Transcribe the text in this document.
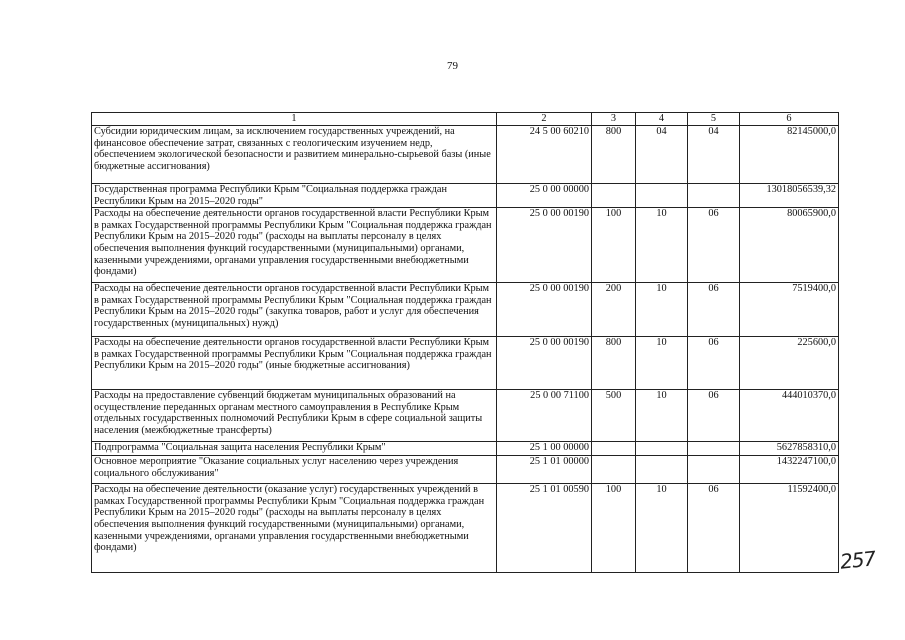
79
1	2	3	4	5	6
Субсидии юридическим лицам, за исключением государственных учреждений, на финансовое обеспечение затрат, связанных с геологическим изучением недр, обеспечением экологической безопасности и развитием минерально-сырьевой базы (иные бюджетные ассигнования)	24 5 00 60210	800	04	04	82145000,0
Государственная программа Республики Крым "Социальная поддержка граждан Республики Крым на 2015–2020 годы"	25 0 00 00000				13018056539,32
Расходы на обеспечение деятельности органов государственной власти Республики Крым в рамках Государственной программы Республики Крым "Социальная поддержка граждан Республики Крым на 2015–2020 годы" (расходы на выплаты персоналу в целях обеспечения выполнения функций государственными (муниципальными) органами, казенными учреждениями, органами управления государственными внебюджетными фондами)	25 0 00 00190	100	10	06	80065900,0
Расходы на обеспечение деятельности органов государственной власти Республики Крым в рамках Государственной программы Республики Крым "Социальная поддержка граждан Республики Крым на 2015–2020 годы" (закупка товаров, работ и услуг для обеспечения государственных (муниципальных) нужд)	25 0 00 00190	200	10	06	7519400,0
Расходы на обеспечение деятельности органов государственной власти Республики Крым в рамках Государственной программы Республики Крым "Социальная поддержка граждан Республики Крым на 2015–2020 годы" (иные бюджетные ассигнования)	25 0 00 00190	800	10	06	225600,0
Расходы на предоставление субвенций бюджетам муниципальных образований на осуществление переданных органам местного самоуправления в Республике Крым отдельных государственных полномочий Республики Крым в сфере социальной защиты населения (межбюджетные трансферты)	25 0 00 71100	500	10	06	444010370,0
Подпрограмма "Социальная защита населения Республики Крым"	25 1 00 00000				5627858310,0
Основное мероприятие "Оказание социальных услуг населению через учреждения социального обслуживания"	25 1 01 00000				1432247100,0
Расходы на обеспечение деятельности (оказание услуг) государственных учреждений в рамках Государственной программы Республики Крым "Социальная поддержка граждан Республики Крым на 2015–2020 годы" (расходы на выплаты персоналу в целях обеспечения выполнения функций государственными (муниципальными) органами, казенными учреждениями, органами управления государственными внебюджетными фондами)	25 1 01 00590	100	10	06	11592400,0
257
